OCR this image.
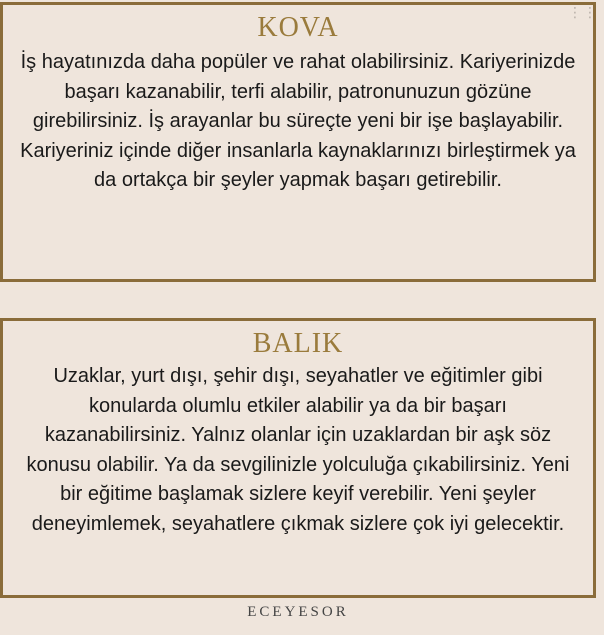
⋮⋮
KOVA
İş hayatınızda daha popüler ve rahat olabilirsiniz. Kariyerinizde başarı kazanabilir, terfi alabilir, patronunuzun gözüne girebilirsiniz. İş arayanlar bu süreçte yeni bir işe başlayabilir. Kariyeriniz içinde diğer insanlarla kaynaklarınızı birleştirmek ya da ortakça bir şeyler yapmak başarı getirebilir.
BALIK
Uzaklar, yurt dışı, şehir dışı, seyahatler ve eğitimler gibi konularda olumlu etkiler alabilir ya da bir başarı kazanabilirsiniz. Yalnız olanlar için uzaklardan bir aşk söz konusu olabilir. Ya da sevgilinizle yolculuğa çıkabilirsiniz. Yeni bir eğitime başlamak sizlere keyif verebilir. Yeni şeyler deneyimlemek, seyahatlere çıkmak sizlere çok iyi gelecektir.
ECEYESOR
